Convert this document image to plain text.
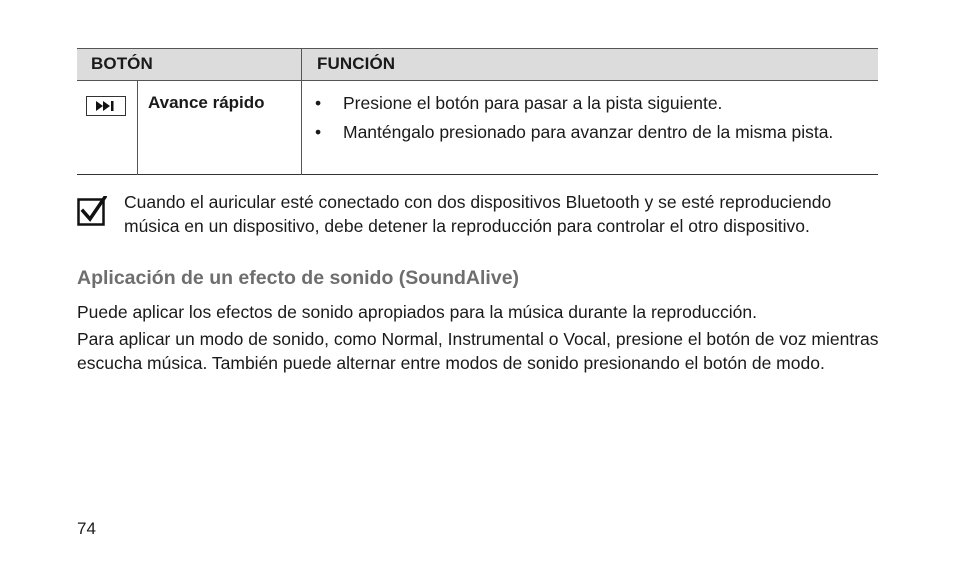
BOTÓN	FUNCIÓN
Avance rápido	• Presione el botón para pasar a la pista siguiente.
• Manténgalo presionado para avanzar dentro de la misma pista.
Cuando el auricular esté conectado con dos dispositivos Bluetooth y se esté reproduciendo música en un dispositivo, debe detener la reproducción para controlar el otro dispositivo.
Aplicación de un efecto de sonido (SoundAlive)
Puede aplicar los efectos de sonido apropiados para la música durante la reproducción.
Para aplicar un modo de sonido, como Normal, Instrumental o Vocal, presione el botón de voz mientras escucha música. También puede alternar entre modos de sonido presionando el botón de modo.
74
